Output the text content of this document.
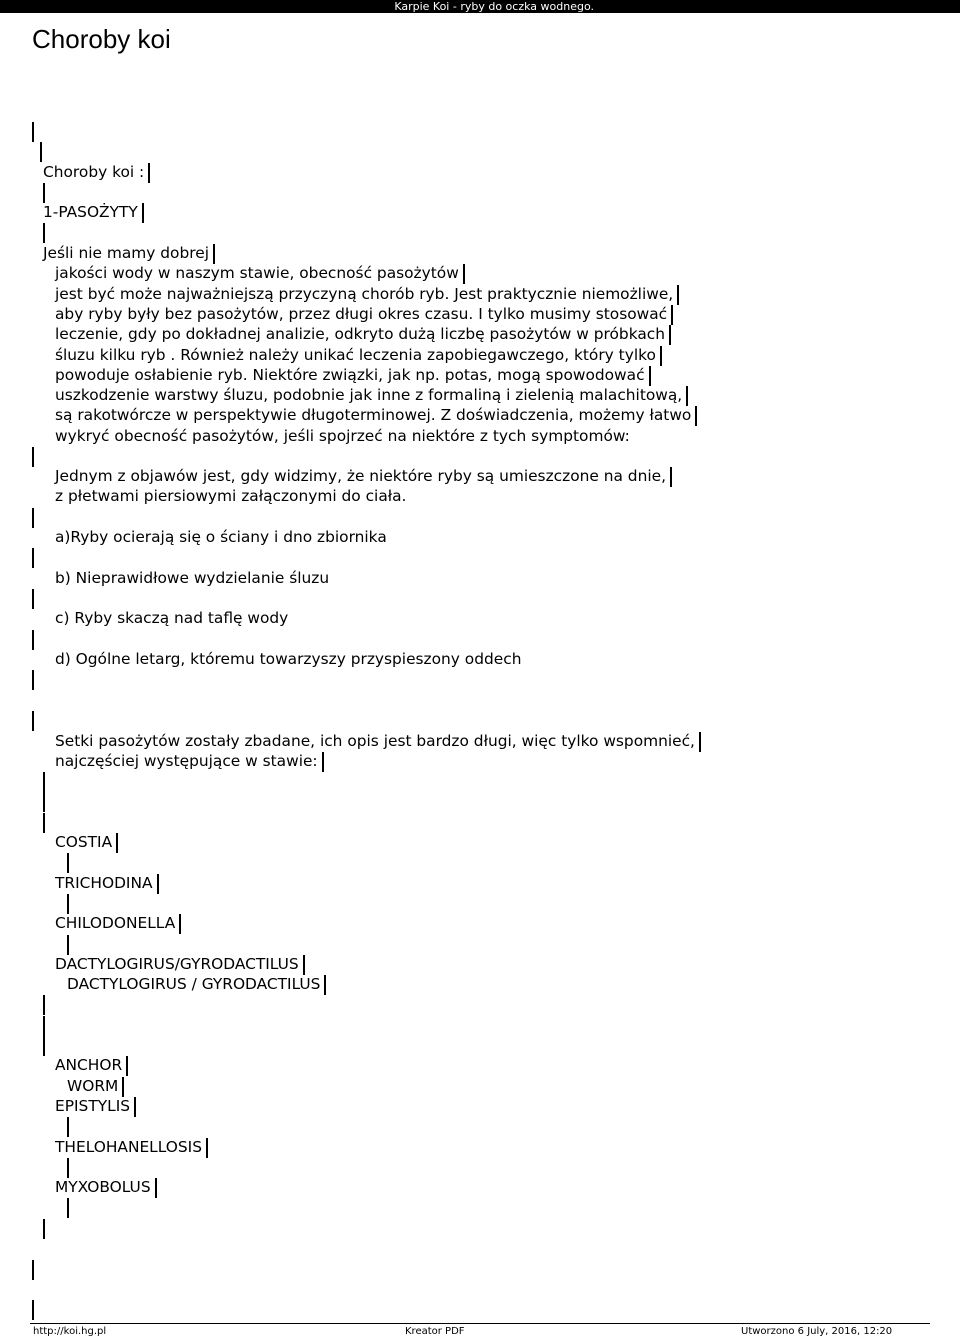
Karpie Koi - ryby do oczka wodnego.
Choroby koi
Choroby koi :
1-PASOŻYTY
Jeśli nie mamy dobrej
jakości wody w naszym stawie, obecność pasożytów
jest być może najważniejszą przyczyną chorób ryb. Jest praktycznie niemożliwe,
aby ryby były bez pasożytów, przez długi okres czasu. I tylko musimy stosować
leczenie, gdy po dokładnej analizie, odkryto dużą liczbę pasożytów w próbkach
śluzu kilku ryb . Również należy unikać leczenia zapobiegawczego, który tylko
powoduje osłabienie ryb. Niektóre związki, jak np. potas, mogą spowodować
uszkodzenie warstwy śluzu, podobnie jak inne z formaliną i zielenią malachitową,
są rakotwórcze w perspektywie długoterminowej. Z doświadczenia, możemy łatwo
wykryć obecność pasożytów, jeśli spojrzeć na niektóre z tych symptomów:
Jednym z objawów jest, gdy widzimy, że niektóre ryby są umieszczone na dnie,
z płetwami piersiowymi załączonymi do ciała.
a)Ryby ocierają się o ściany i dno zbiornika
b) Nieprawidłowe wydzielanie śluzu
c) Ryby skaczą nad taflę wody
d) Ogólne letarg, któremu towarzyszy przyspieszony oddech
Setki pasożytów zostały zbadane, ich opis jest bardzo długi, więc tylko wspomnieć,
najczęściej występujące w stawie:
COSTIA
TRICHODINA
CHILODONELLA
DACTYLOGIRUS/GYRODACTILUS
DACTYLOGIRUS / GYRODACTILUS
ANCHOR
WORM
EPISTYLIS
THELOHANELLOSIS
MYXOBOLUS
http://koi.hg.pl	Kreator PDF	Utworzono 6 July, 2016, 12:20
